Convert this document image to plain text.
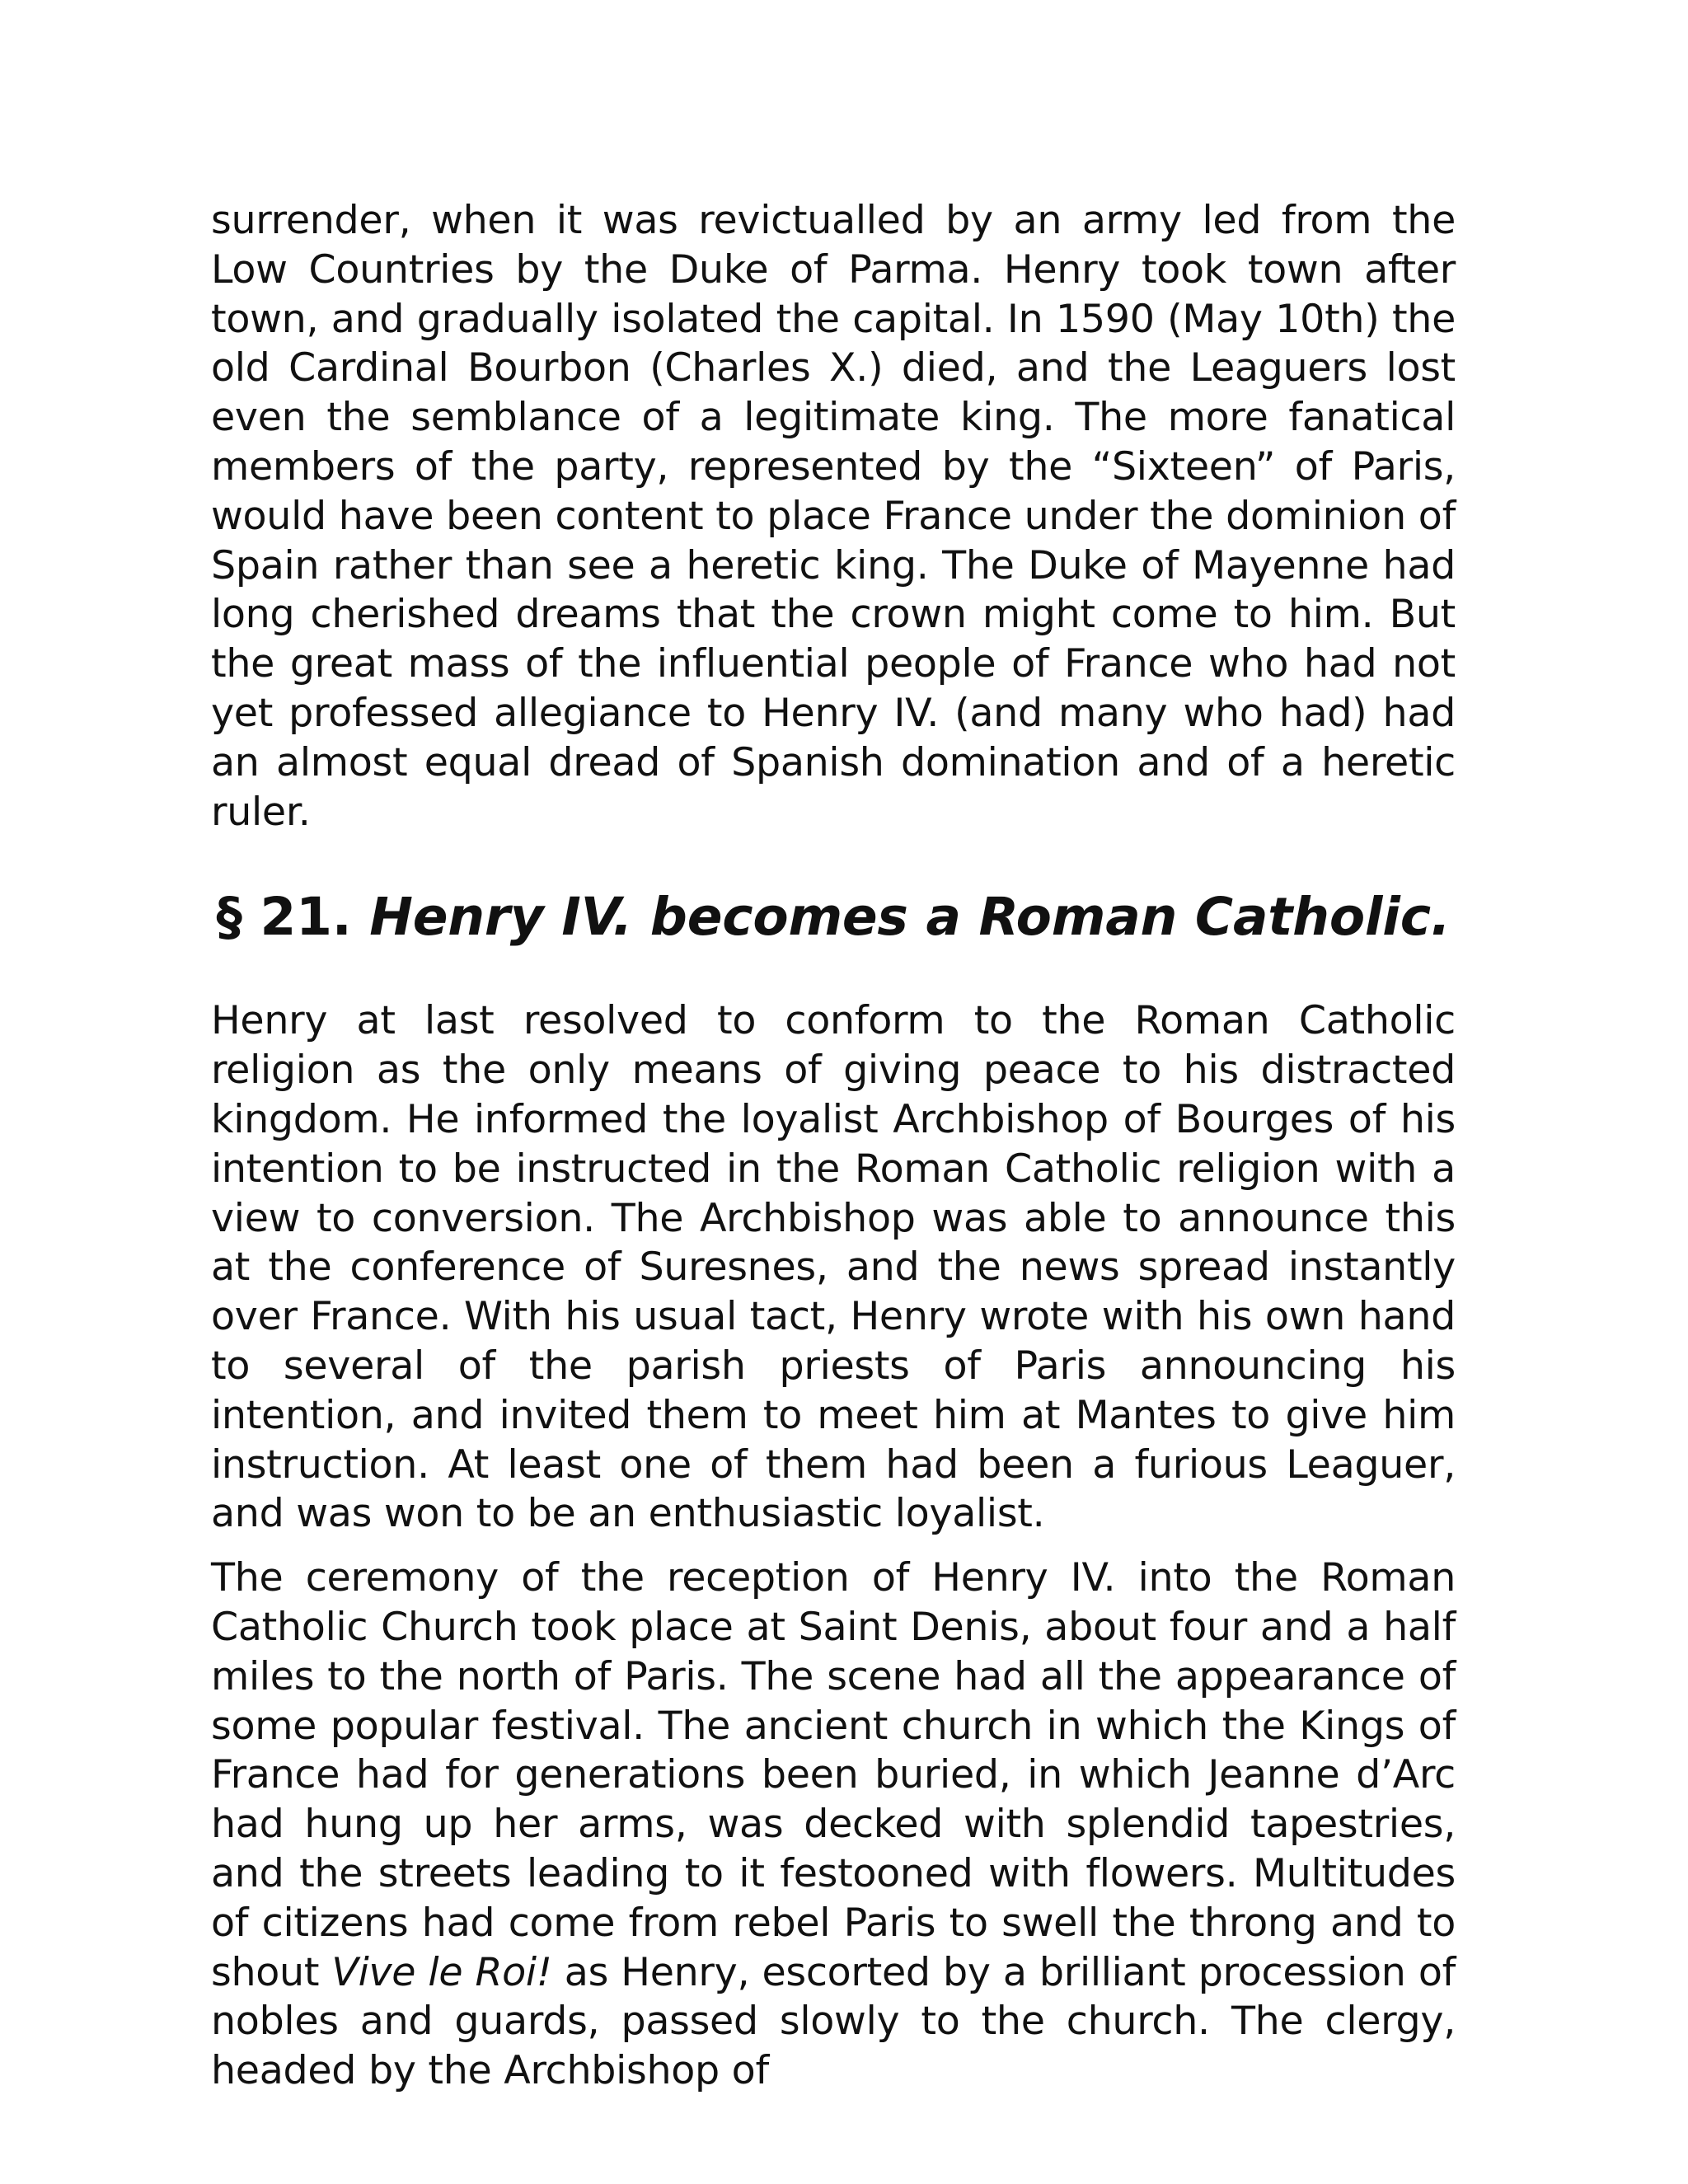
surrender, when it was revictualled by an army led from the Low Countries by the Duke of Parma. Henry took town after town, and gradually isolated the capital. In 1590 (May 10th) the old Cardinal Bourbon (Charles X.) died, and the Leaguers lost even the semblance of a legitimate king. The more fanatical members of the party, represented by the “Sixteen” of Paris, would have been content to place France under the dominion of Spain rather than see a heretic king. The Duke of Mayenne had long cherished dreams that the crown might come to him. But the great mass of the influential people of France who had not yet professed allegiance to Henry IV. (and many who had) had an almost equal dread of Spanish domination and of a heretic ruler.

§ 21. Henry IV. becomes a Roman Catholic.

Henry at last resolved to conform to the Roman Catholic religion as the only means of giving peace to his distracted kingdom. He informed the loyalist Archbishop of Bourges of his intention to be instructed in the Roman Catholic religion with a view to conversion. The Archbishop was able to announce this at the conference of Suresnes, and the news spread instantly over France. With his usual tact, Henry wrote with his own hand to several of the parish priests of Paris announcing his intention, and invited them to meet him at Mantes to give him instruction. At least one of them had been a furious Leaguer, and was won to be an enthusiastic loyalist.

The ceremony of the reception of Henry IV. into the Roman Catholic Church took place at Saint Denis, about four and a half miles to the north of Paris. The scene had all the appearance of some popular festival. The ancient church in which the Kings of France had for generations been buried, in which Jeanne d’Arc had hung up her arms, was decked with splendid tapestries, and the streets leading to it festooned with flowers. Multitudes of citizens had come from rebel Paris to swell the throng and to shout Vive le Roi! as Henry, escorted by a brilliant procession of nobles and guards, passed slowly to the church. The clergy, headed by the Archbishop of
